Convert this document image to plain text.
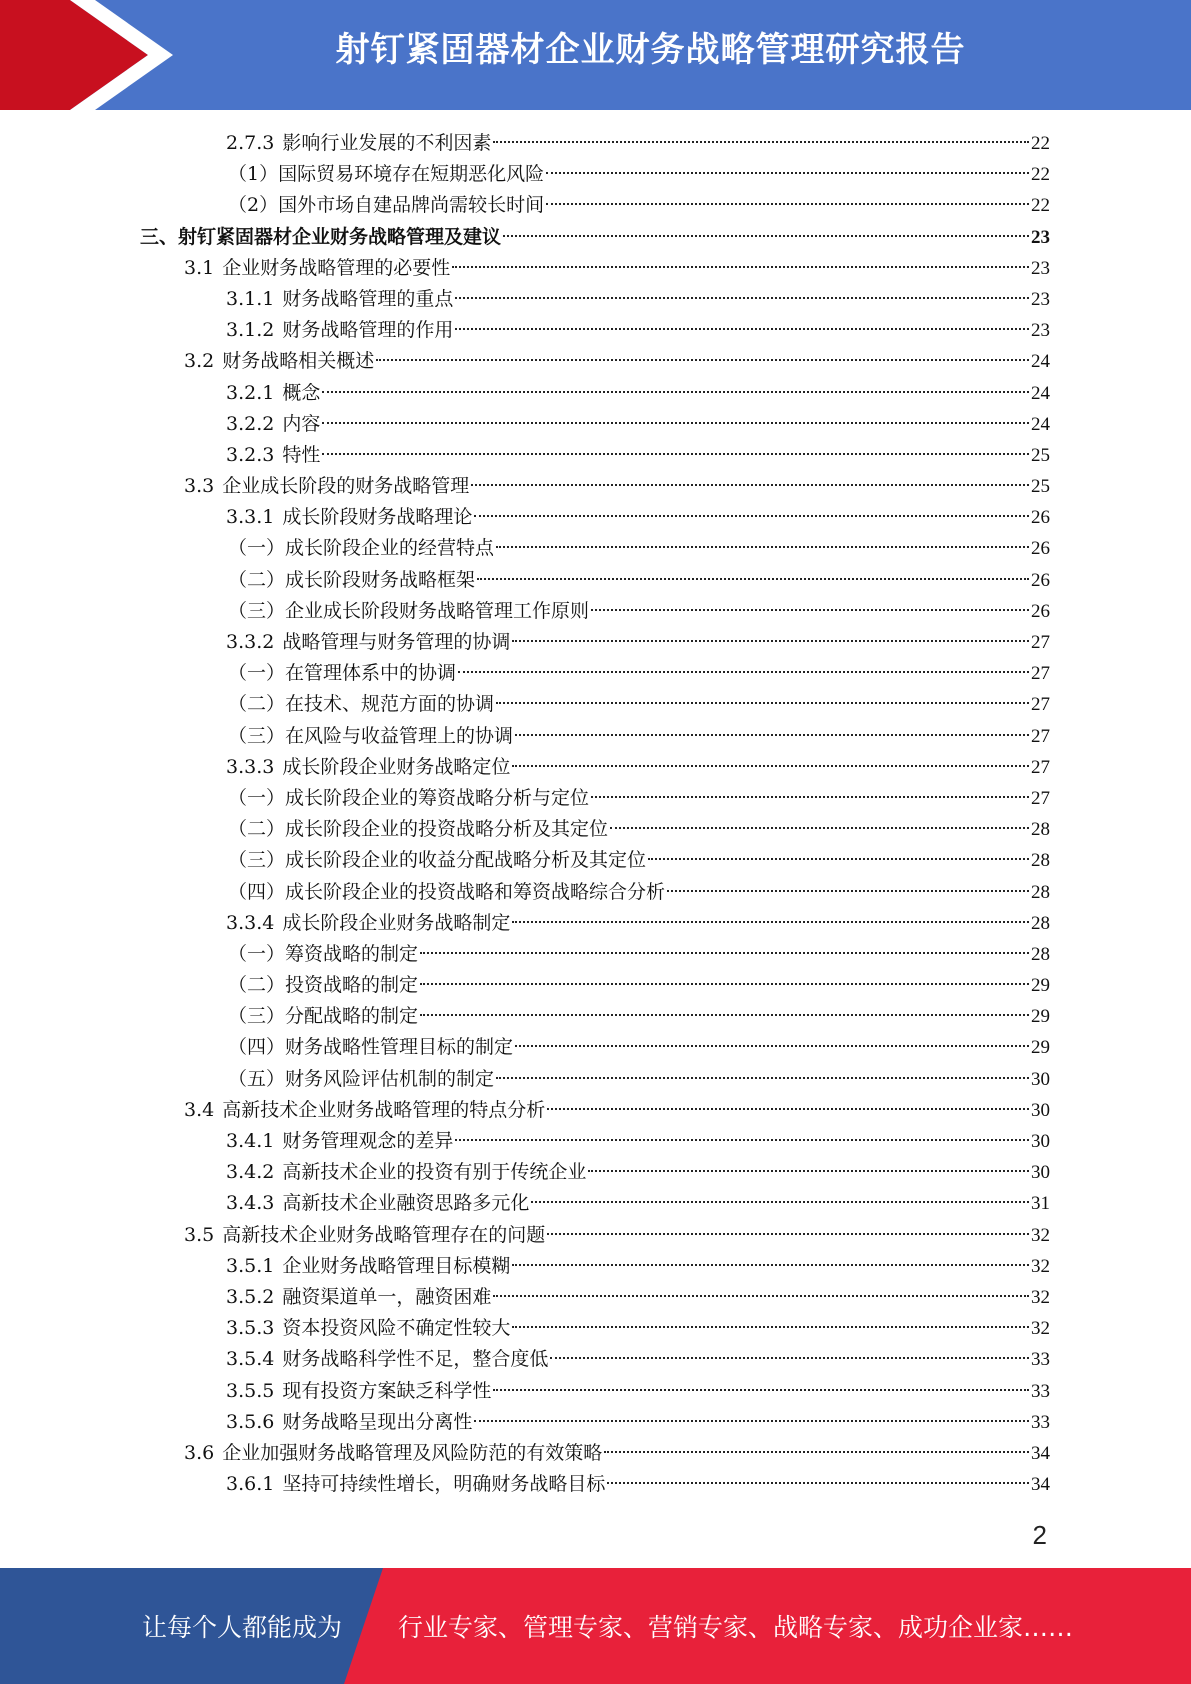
射钉紧固器材企业财务战略管理研究报告
2.7.3 影响行业发展的不利因素	22
（1） 国际贸易环境存在短期恶化风险	22
（2） 国外市场自建品牌尚需较长时间	22
三、 射钉紧固器材企业财务战略管理及建议	23
3.1 企业财务战略管理的必要性	23
3.1.1 财务战略管理的重点	23
3.1.2 财务战略管理的作用	23
3.2 财务战略相关概述	24
3.2.1 概念	24
3.2.2 内容	24
3.2.3 特性	25
3.3 企业成长阶段的财务战略管理	25
3.3.1 成长阶段财务战略理论	26
（一） 成长阶段企业的经营特点	26
（二） 成长阶段财务战略框架	26
（三） 企业成长阶段财务战略管理工作原则	26
3.3.2 战略管理与财务管理的协调	27
（一） 在管理体系中的协调	27
（二） 在技术、规范方面的协调	27
（三） 在风险与收益管理上的协调	27
3.3.3 成长阶段企业财务战略定位	27
（一） 成长阶段企业的筹资战略分析与定位	27
（二） 成长阶段企业的投资战略分析及其定位	28
（三） 成长阶段企业的收益分配战略分析及其定位	28
（四） 成长阶段企业的投资战略和筹资战略综合分析	28
3.3.4 成长阶段企业财务战略制定	28
（一） 筹资战略的制定	28
（二） 投资战略的制定	29
（三） 分配战略的制定	29
（四） 财务战略性管理目标的制定	29
（五） 财务风险评估机制的制定	30
3.4 高新技术企业财务战略管理的特点分析	30
3.4.1 财务管理观念的差异	30
3.4.2 高新技术企业的投资有别于传统企业	30
3.4.3 高新技术企业融资思路多元化	31
3.5 高新技术企业财务战略管理存在的问题	32
3.5.1 企业财务战略管理目标模糊	32
3.5.2 融资渠道单一，融资困难	32
3.5.3 资本投资风险不确定性较大	32
3.5.4 财务战略科学性不足，整合度低	33
3.5.5 现有投资方案缺乏科学性	33
3.5.6 财务战略呈现出分离性	33
3.6 企业加强财务战略管理及风险防范的有效策略	34
3.6.1 坚持可持续性增长，明确财务战略目标	34
2
让每个人都能成为 行业专家、管理专家、营销专家、战略专家、成功企业家……
